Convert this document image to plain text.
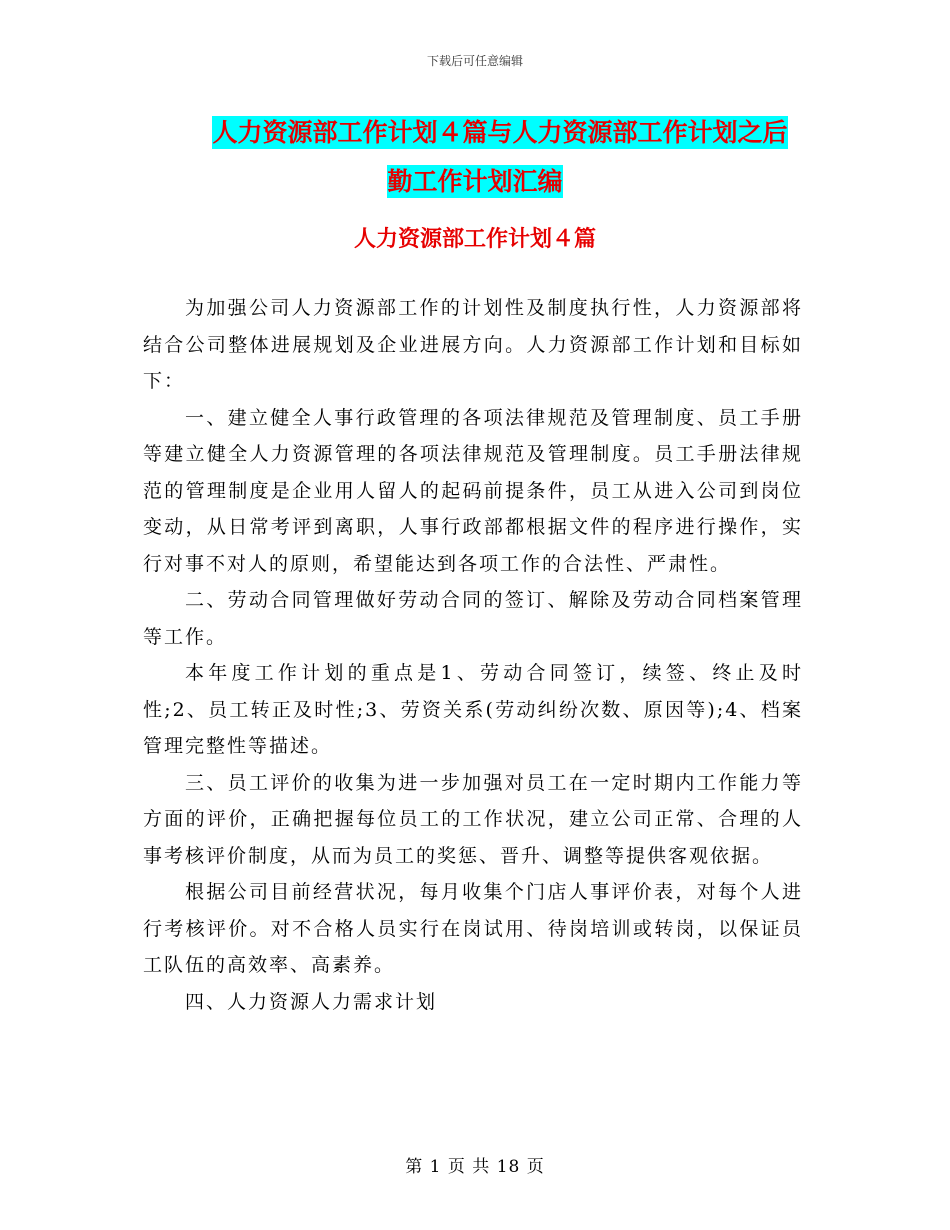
下载后可任意编辑
人力资源部工作计划４篇与人力资源部工作计划之后
勤工作计划汇编
人力资源部工作计划４篇

为加强公司人力资源部工作的计划性及制度执行性，人力资源部将结合公司整体进展规划及企业进展方向。人力资源部工作计划和目标如下：

一、建立健全人事行政管理的各项法律规范及管理制度、员工手册等建立健全人力资源管理的各项法律规范及管理制度。员工手册法律规范的管理制度是企业用人留人的起码前提条件，员工从进入公司到岗位变动，从日常考评到离职，人事行政部都根据文件的程序进行操作，实行对事不对人的原则，希望能达到各项工作的合法性、严肃性。

二、劳动合同管理做好劳动合同的签订、解除及劳动合同档案管理等工作。

本年度工作计划的重点是1、劳动合同签订，续签、终止及时性;2、员工转正及时性;3、劳资关系(劳动纠纷次数、原因等);4、档案管理完整性等描述。

三、员工评价的收集为进一步加强对员工在一定时期内工作能力等方面的评价，正确把握每位员工的工作状况，建立公司正常、合理的人事考核评价制度，从而为员工的奖惩、晋升、调整等提供客观依据。

根据公司目前经营状况，每月收集个门店人事评价表，对每个人进行考核评价。对不合格人员实行在岗试用、待岗培训或转岗，以保证员工队伍的高效率、高素养。

四、人力资源人力需求计划

第 1 页 共 18 页
